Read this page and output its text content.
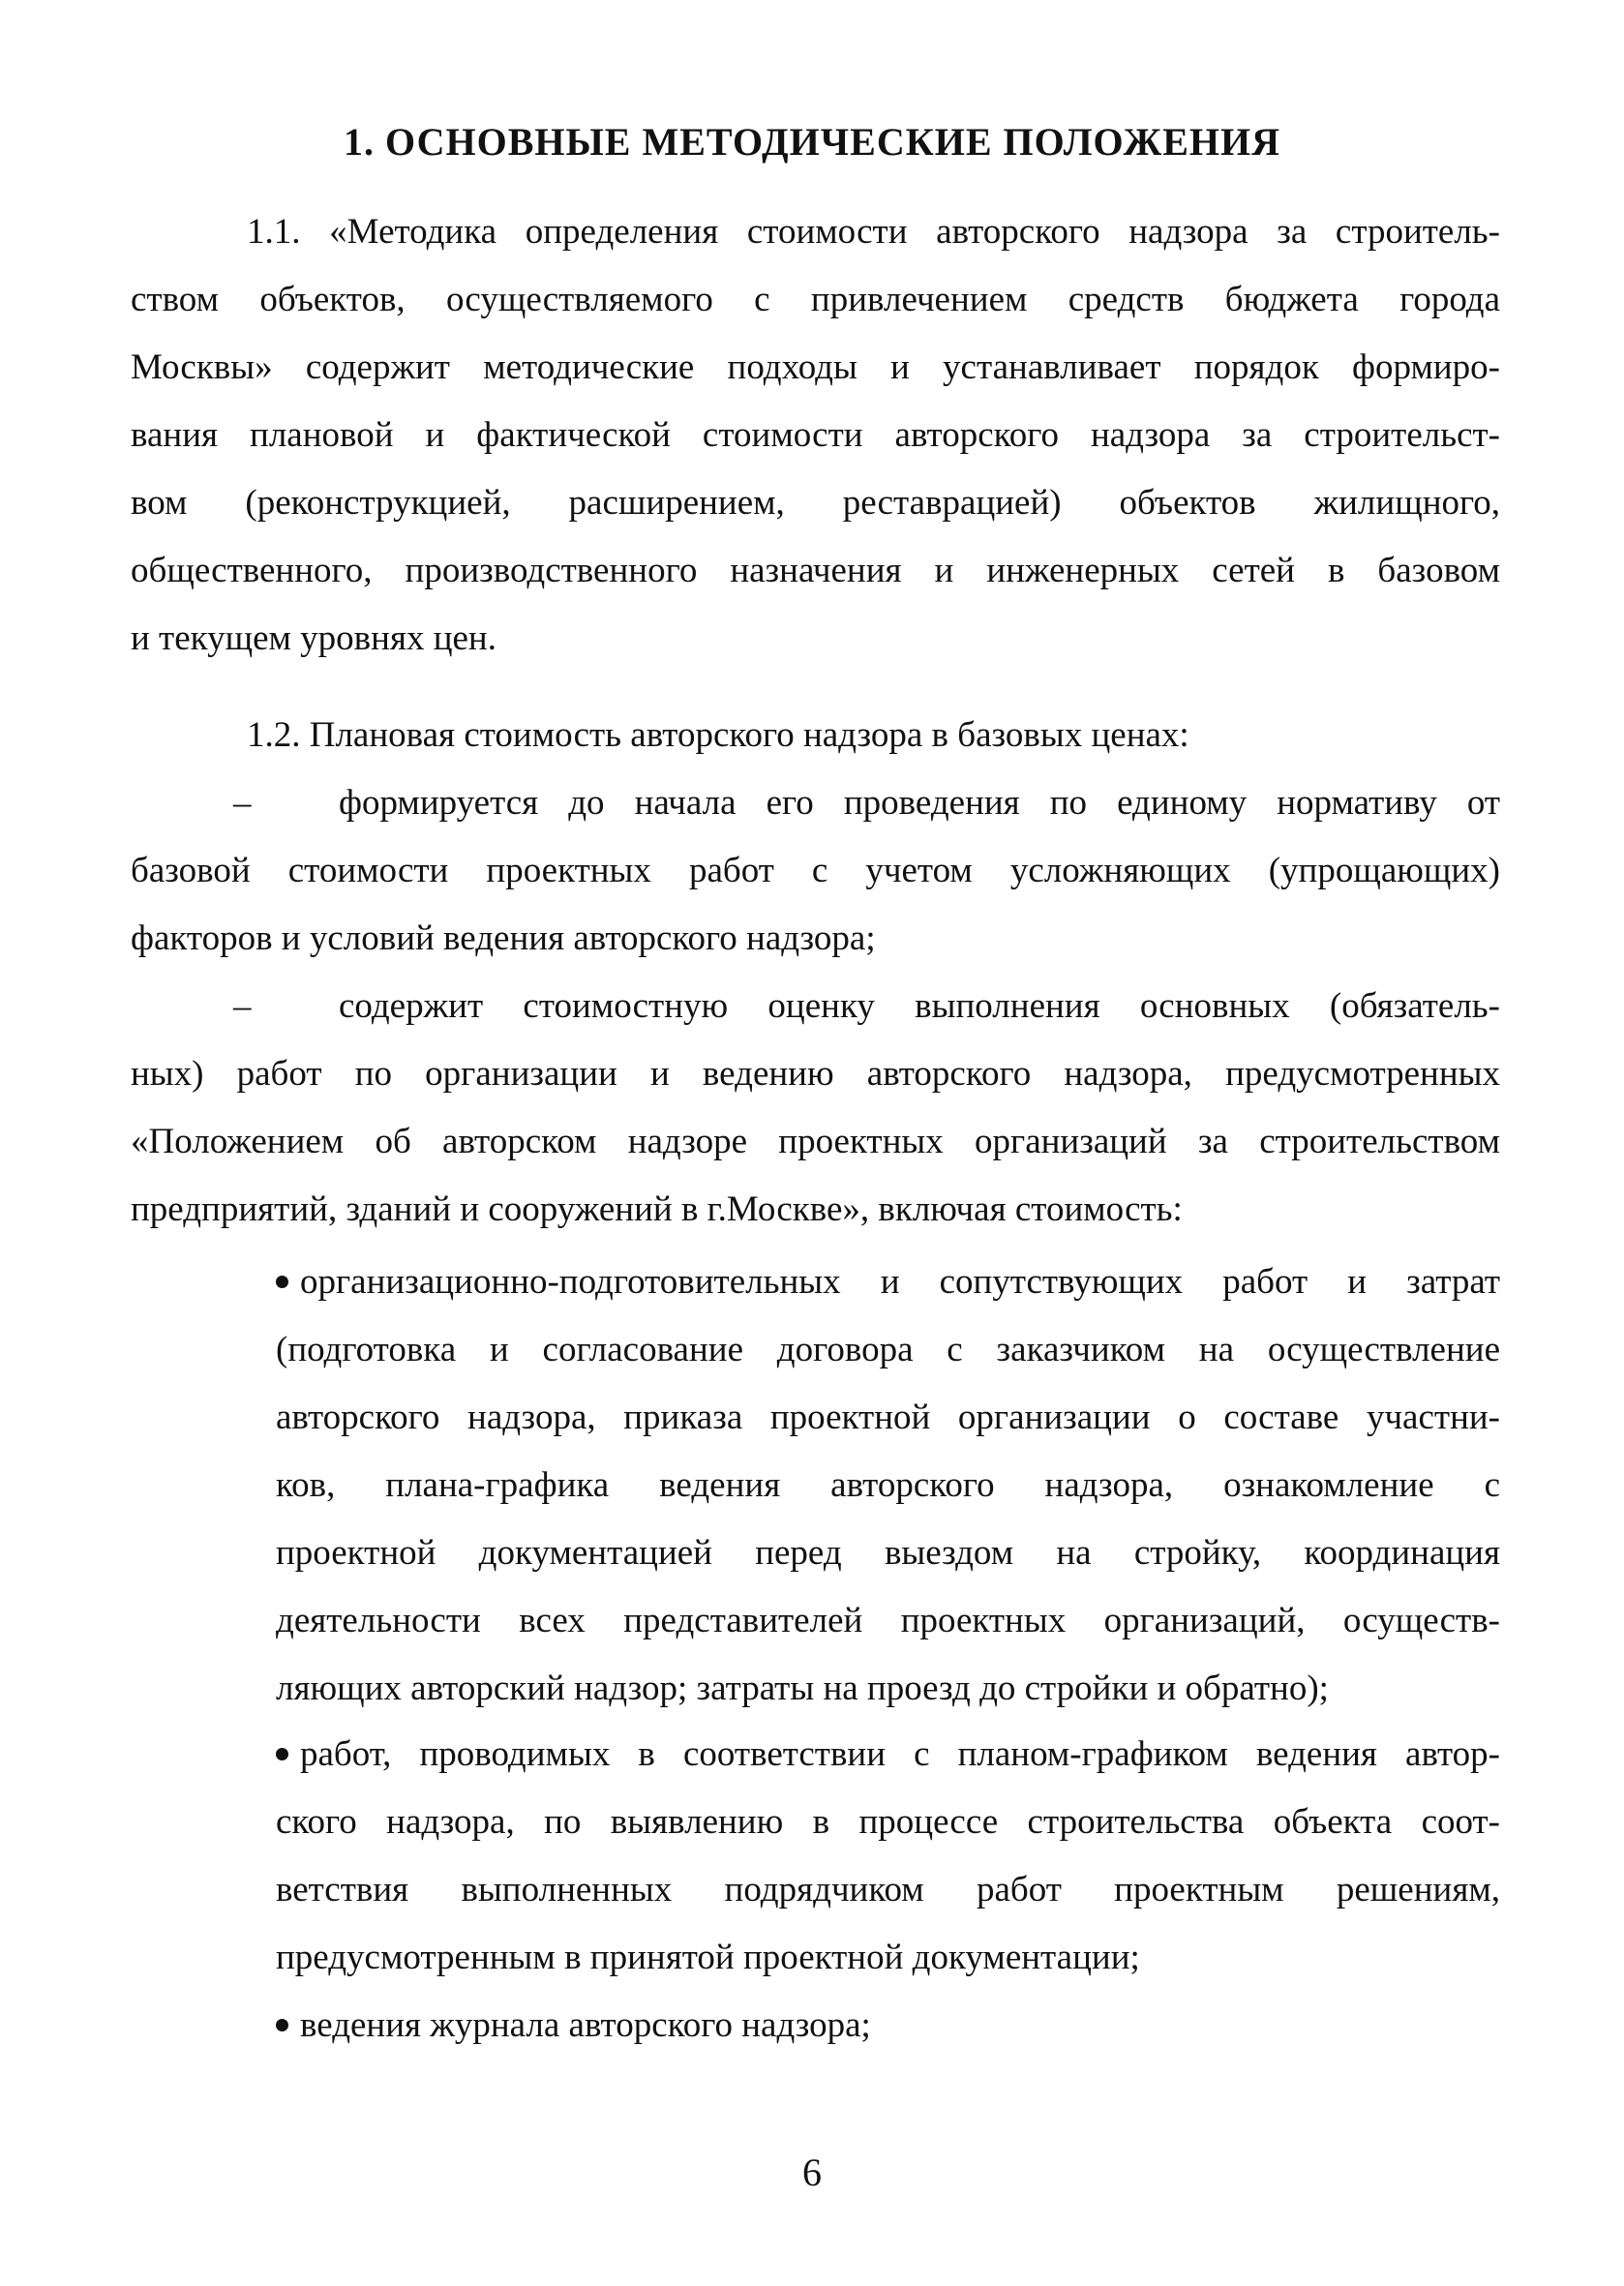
1. ОСНОВНЫЕ МЕТОДИЧЕСКИЕ ПОЛОЖЕНИЯ
1.1. «Методика определения стоимости авторского надзора за строитель-
ством объектов, осуществляемого с привлечением средств бюджета города
Москвы» содержит методические подходы и устанавливает порядок формиро-
вания плановой и фактической стоимости авторского надзора за строительст-
вом (реконструкцией, расширением, реставрацией) объектов жилищного,
общественного, производственного назначения и инженерных сетей в базовом
и текущем уровнях цен.
1.2. Плановая стоимость авторского надзора в базовых ценах:
– формируется до начала его проведения по единому нормативу от
базовой стоимости проектных работ с учетом усложняющих (упрощающих)
факторов и условий ведения авторского надзора;
– содержит стоимостную оценку выполнения основных (обязатель-
ных) работ по организации и ведению авторского надзора, предусмотренных
«Положением об авторском надзоре проектных организаций за строительством
предприятий, зданий и сооружений в г.Москве», включая стоимость:
организационно-подготовительных и сопутствующих работ и затрат
(подготовка и согласование договора с заказчиком на осуществление
авторского надзора, приказа проектной организации о составе участни-
ков, плана-графика ведения авторского надзора, ознакомление с
проектной документацией перед выездом на стройку, координация
деятельности всех представителей проектных организаций, осуществ-
ляющих авторский надзор; затраты на проезд до стройки и обратно);
работ, проводимых в соответствии с планом-графиком ведения автор-
ского надзора, по выявлению в процессе строительства объекта соот-
ветствия выполненных подрядчиком работ проектным решениям,
предусмотренным в принятой проектной документации;
ведения журнала авторского надзора;
6
